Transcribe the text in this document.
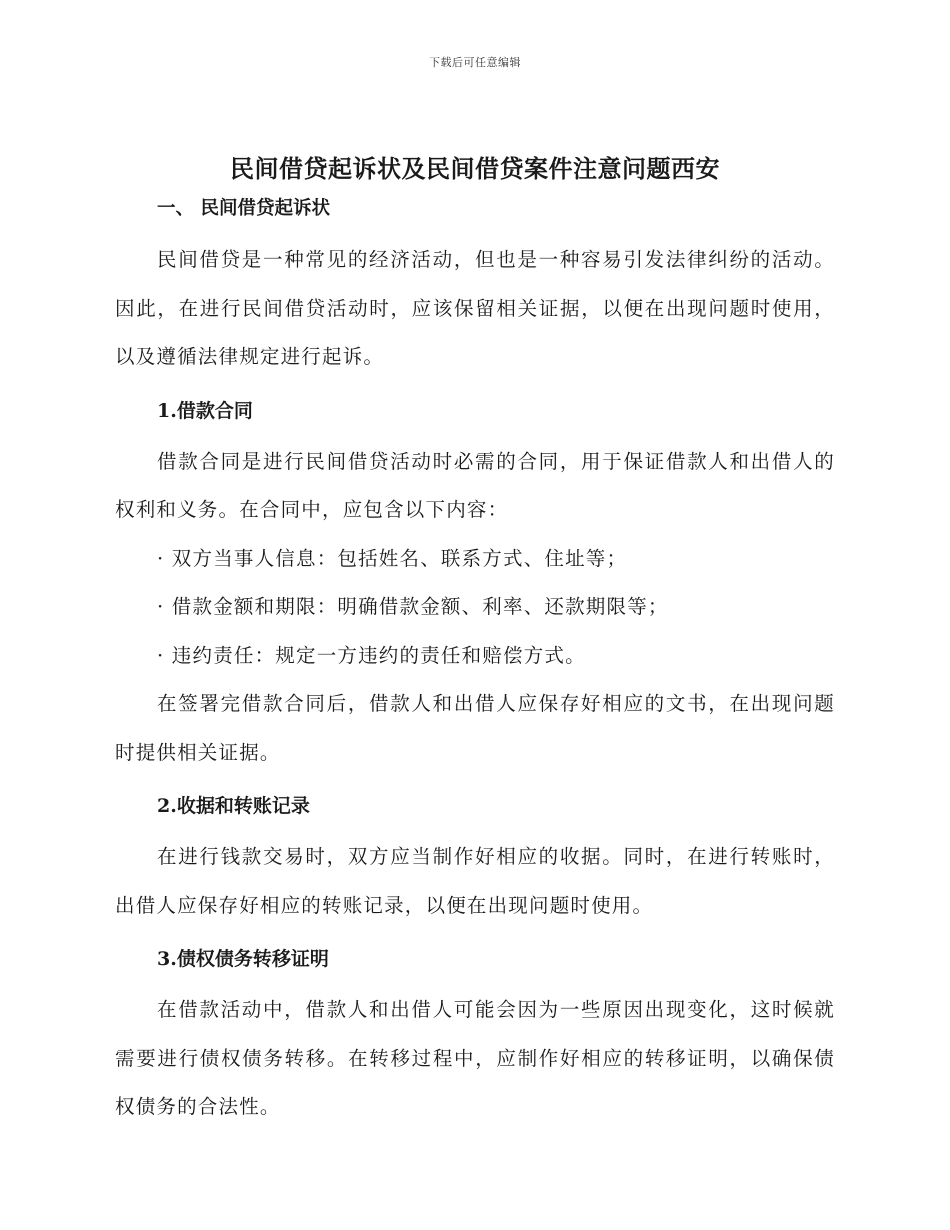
下载后可任意编辑
民间借贷起诉状及民间借贷案件注意问题西安
一、 民间借贷起诉状

民间借贷是一种常见的经济活动，但也是一种容易引发法律纠纷的活动。因此，在进行民间借贷活动时，应该保留相关证据，以便在出现问题时使用，以及遵循法律规定进行起诉。

1.借款合同

借款合同是进行民间借贷活动时必需的合同，用于保证借款人和出借人的权利和义务。在合同中，应包含以下内容：

· 双方当事人信息：包括姓名、联系方式、住址等；

· 借款金额和期限：明确借款金额、利率、还款期限等；

· 违约责任：规定一方违约的责任和赔偿方式。

在签署完借款合同后，借款人和出借人应保存好相应的文书，在出现问题时提供相关证据。

2.收据和转账记录

在进行钱款交易时，双方应当制作好相应的收据。同时，在进行转账时，出借人应保存好相应的转账记录，以便在出现问题时使用。

3.债权债务转移证明

在借款活动中，借款人和出借人可能会因为一些原因出现变化，这时候就需要进行债权债务转移。在转移过程中，应制作好相应的转移证明，以确保债权债务的合法性。
